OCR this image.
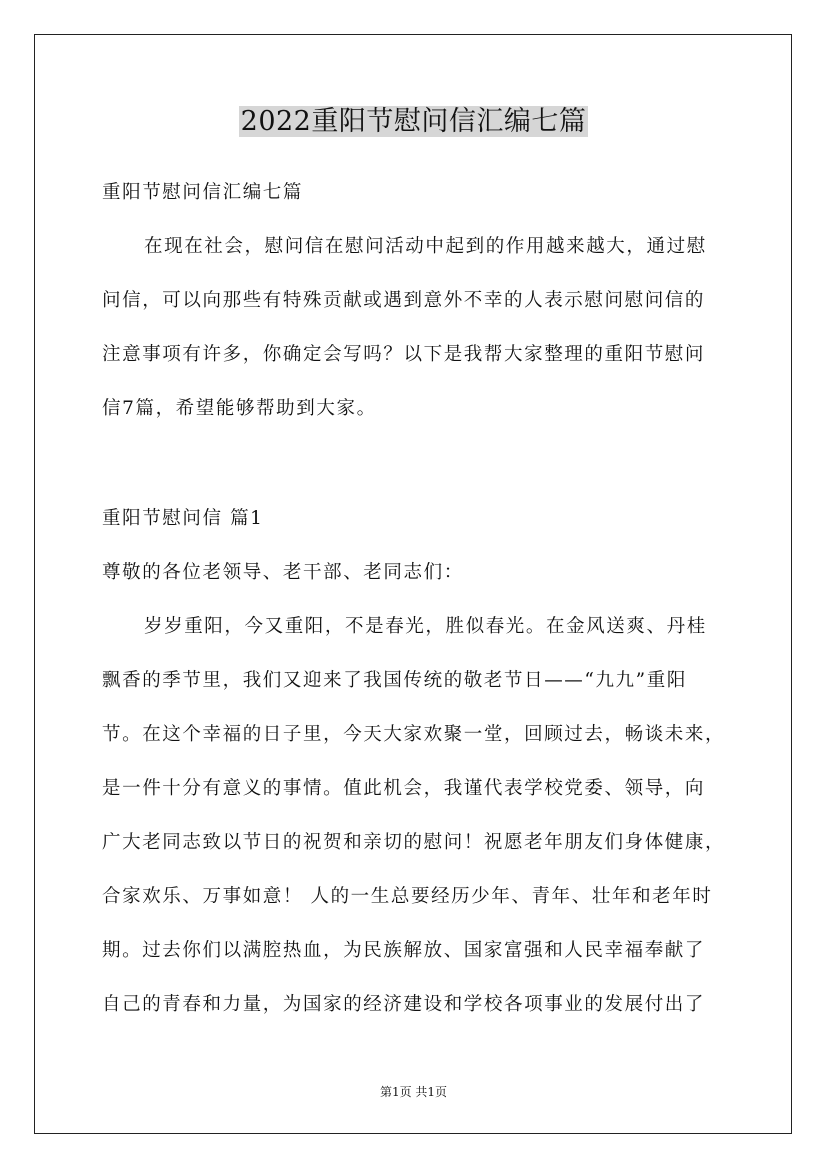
2022重阳节慰问信汇编七篇
重阳节慰问信汇编七篇
在现在社会，慰问信在慰问活动中起到的作用越来越大，通过慰
问信，可以向那些有特殊贡献或遇到意外不幸的人表示慰问慰问信的
注意事项有许多，你确定会写吗？以下是我帮大家整理的重阳节慰问
信7篇，希望能够帮助到大家。
重阳节慰问信 篇1
尊敬的各位老领导、老干部、老同志们：
岁岁重阳，今又重阳，不是春光，胜似春光。在金风送爽、丹桂
飘香的季节里，我们又迎来了我国传统的敬老节日——“九九”重阳
节。在这个幸福的日子里，今天大家欢聚一堂，回顾过去，畅谈未来，
是一件十分有意义的事情。值此机会，我谨代表学校党委、领导，向
广大老同志致以节日的祝贺和亲切的慰问！祝愿老年朋友们身体健康，
合家欢乐、万事如意！ 人的一生总要经历少年、青年、壮年和老年时
期。过去你们以满腔热血，为民族解放、国家富强和人民幸福奉献了
自己的青春和力量，为国家的经济建设和学校各项事业的发展付出了
第1页 共1页
